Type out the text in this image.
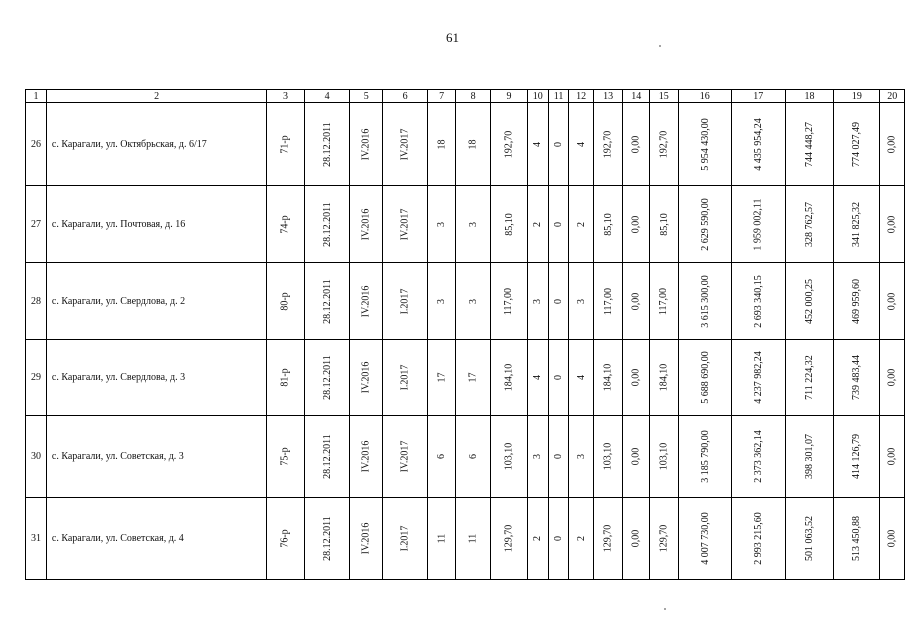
61
1	2	3	4	5	6	7	8	9	10	11	12	13	14	15	16	17	18	19	20
26	с. Карагали, ул. Октябрьская, д. 6/17	71-р	28.12.2011	IV.2016	IV.2017	18	18	192,70	4	0	4	192,70	0,00	192,70	5 954 430,00	4 435 954,24	744 448,27	774 027,49	0,00
27	с. Карагали, ул. Почтовая, д. 16	74-р	28.12.2011	IV.2016	IV.2017	3	3	85,10	2	0	2	85,10	0,00	85,10	2 629 590,00	1 959 002,11	328 762,57	341 825,32	0,00
28	с. Карагали, ул. Свердлова, д. 2	80-р	28.12.2011	IV.2016	I.2017	3	3	117,00	3	0	3	117,00	0,00	117,00	3 615 300,00	2 693 340,15	452 000,25	469 959,60	0,00
29	с. Карагали, ул. Свердлова, д. 3	81-р	28.12.2011	IV.2016	I.2017	17	17	184,10	4	0	4	184,10	0,00	184,10	5 688 690,00	4 237 982,24	711 224,32	739 483,44	0,00
30	с. Карагали, ул. Советская, д. 3	75-р	28.12.2011	IV.2016	IV.2017	6	6	103,10	3	0	3	103,10	0,00	103,10	3 185 790,00	2 373 362,14	398 301,07	414 126,79	0,00
31	с. Карагали, ул. Советская, д. 4	76-р	28.12.2011	IV.2016	I.2017	11	11	129,70	2	0	2	129,70	0,00	129,70	4 007 730,00	2 993 215,60	501 063,52	513 450,88	0,00
